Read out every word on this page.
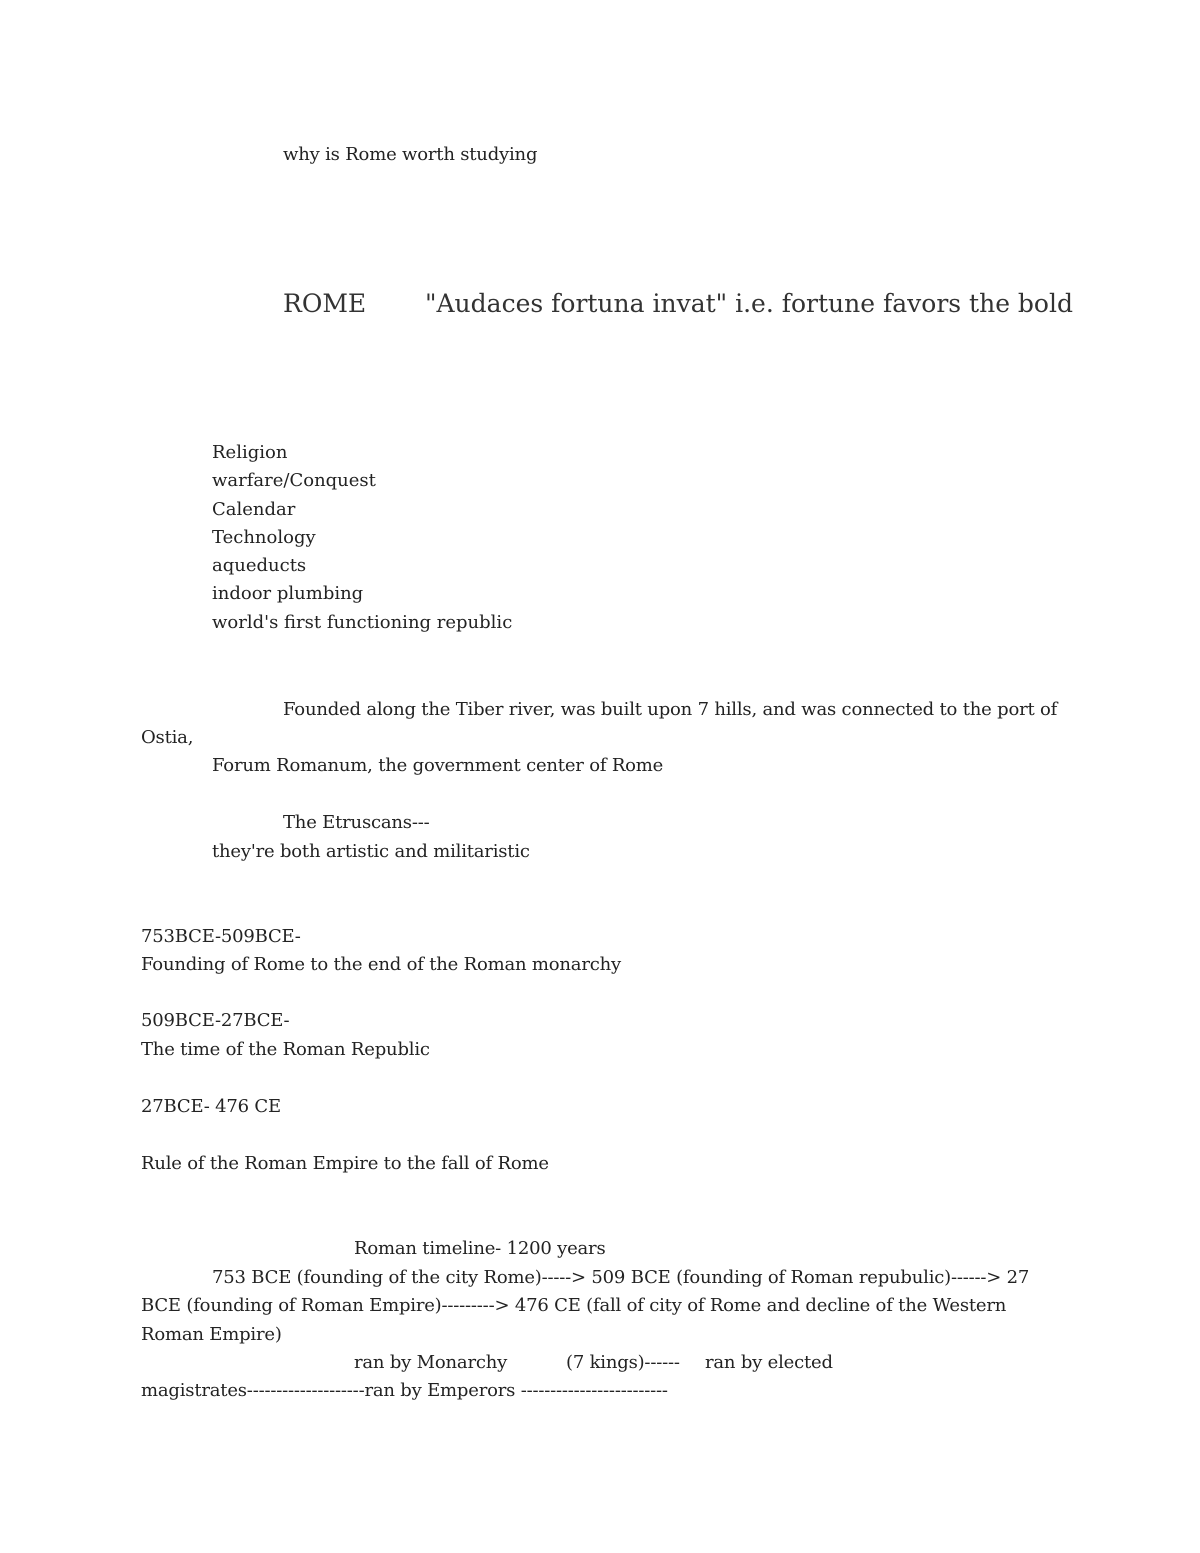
why is Rome worth studying
ROME "Audaces fortuna invat" i.e. fortune favors the bold
Religion
warfare/Conquest
Calendar
Technology
aqueducts
indoor plumbing
world's first functioning republic
Founded along the Tiber river, was built upon 7 hills, and was connected to the port of
Ostia,
Forum Romanum, the government center of Rome
The Etruscans---
they're both artistic and militaristic
753BCE-509BCE-
Founding of Rome to the end of the Roman monarchy
509BCE-27BCE-
The time of the Roman Republic
27BCE- 476 CE
Rule of the Roman Empire to the fall of Rome
Roman timeline- 1200 years
753 BCE (founding of the city Rome)-----> 509 BCE (founding of Roman repubulic)------> 27
BCE (founding of Roman Empire)---------> 476 CE (fall of city of Rome and decline of the Western
Roman Empire)
ran by Monarchy	(7 kings)------ ran by elected
magistrates--------------------ran by Emperors -------------------------
